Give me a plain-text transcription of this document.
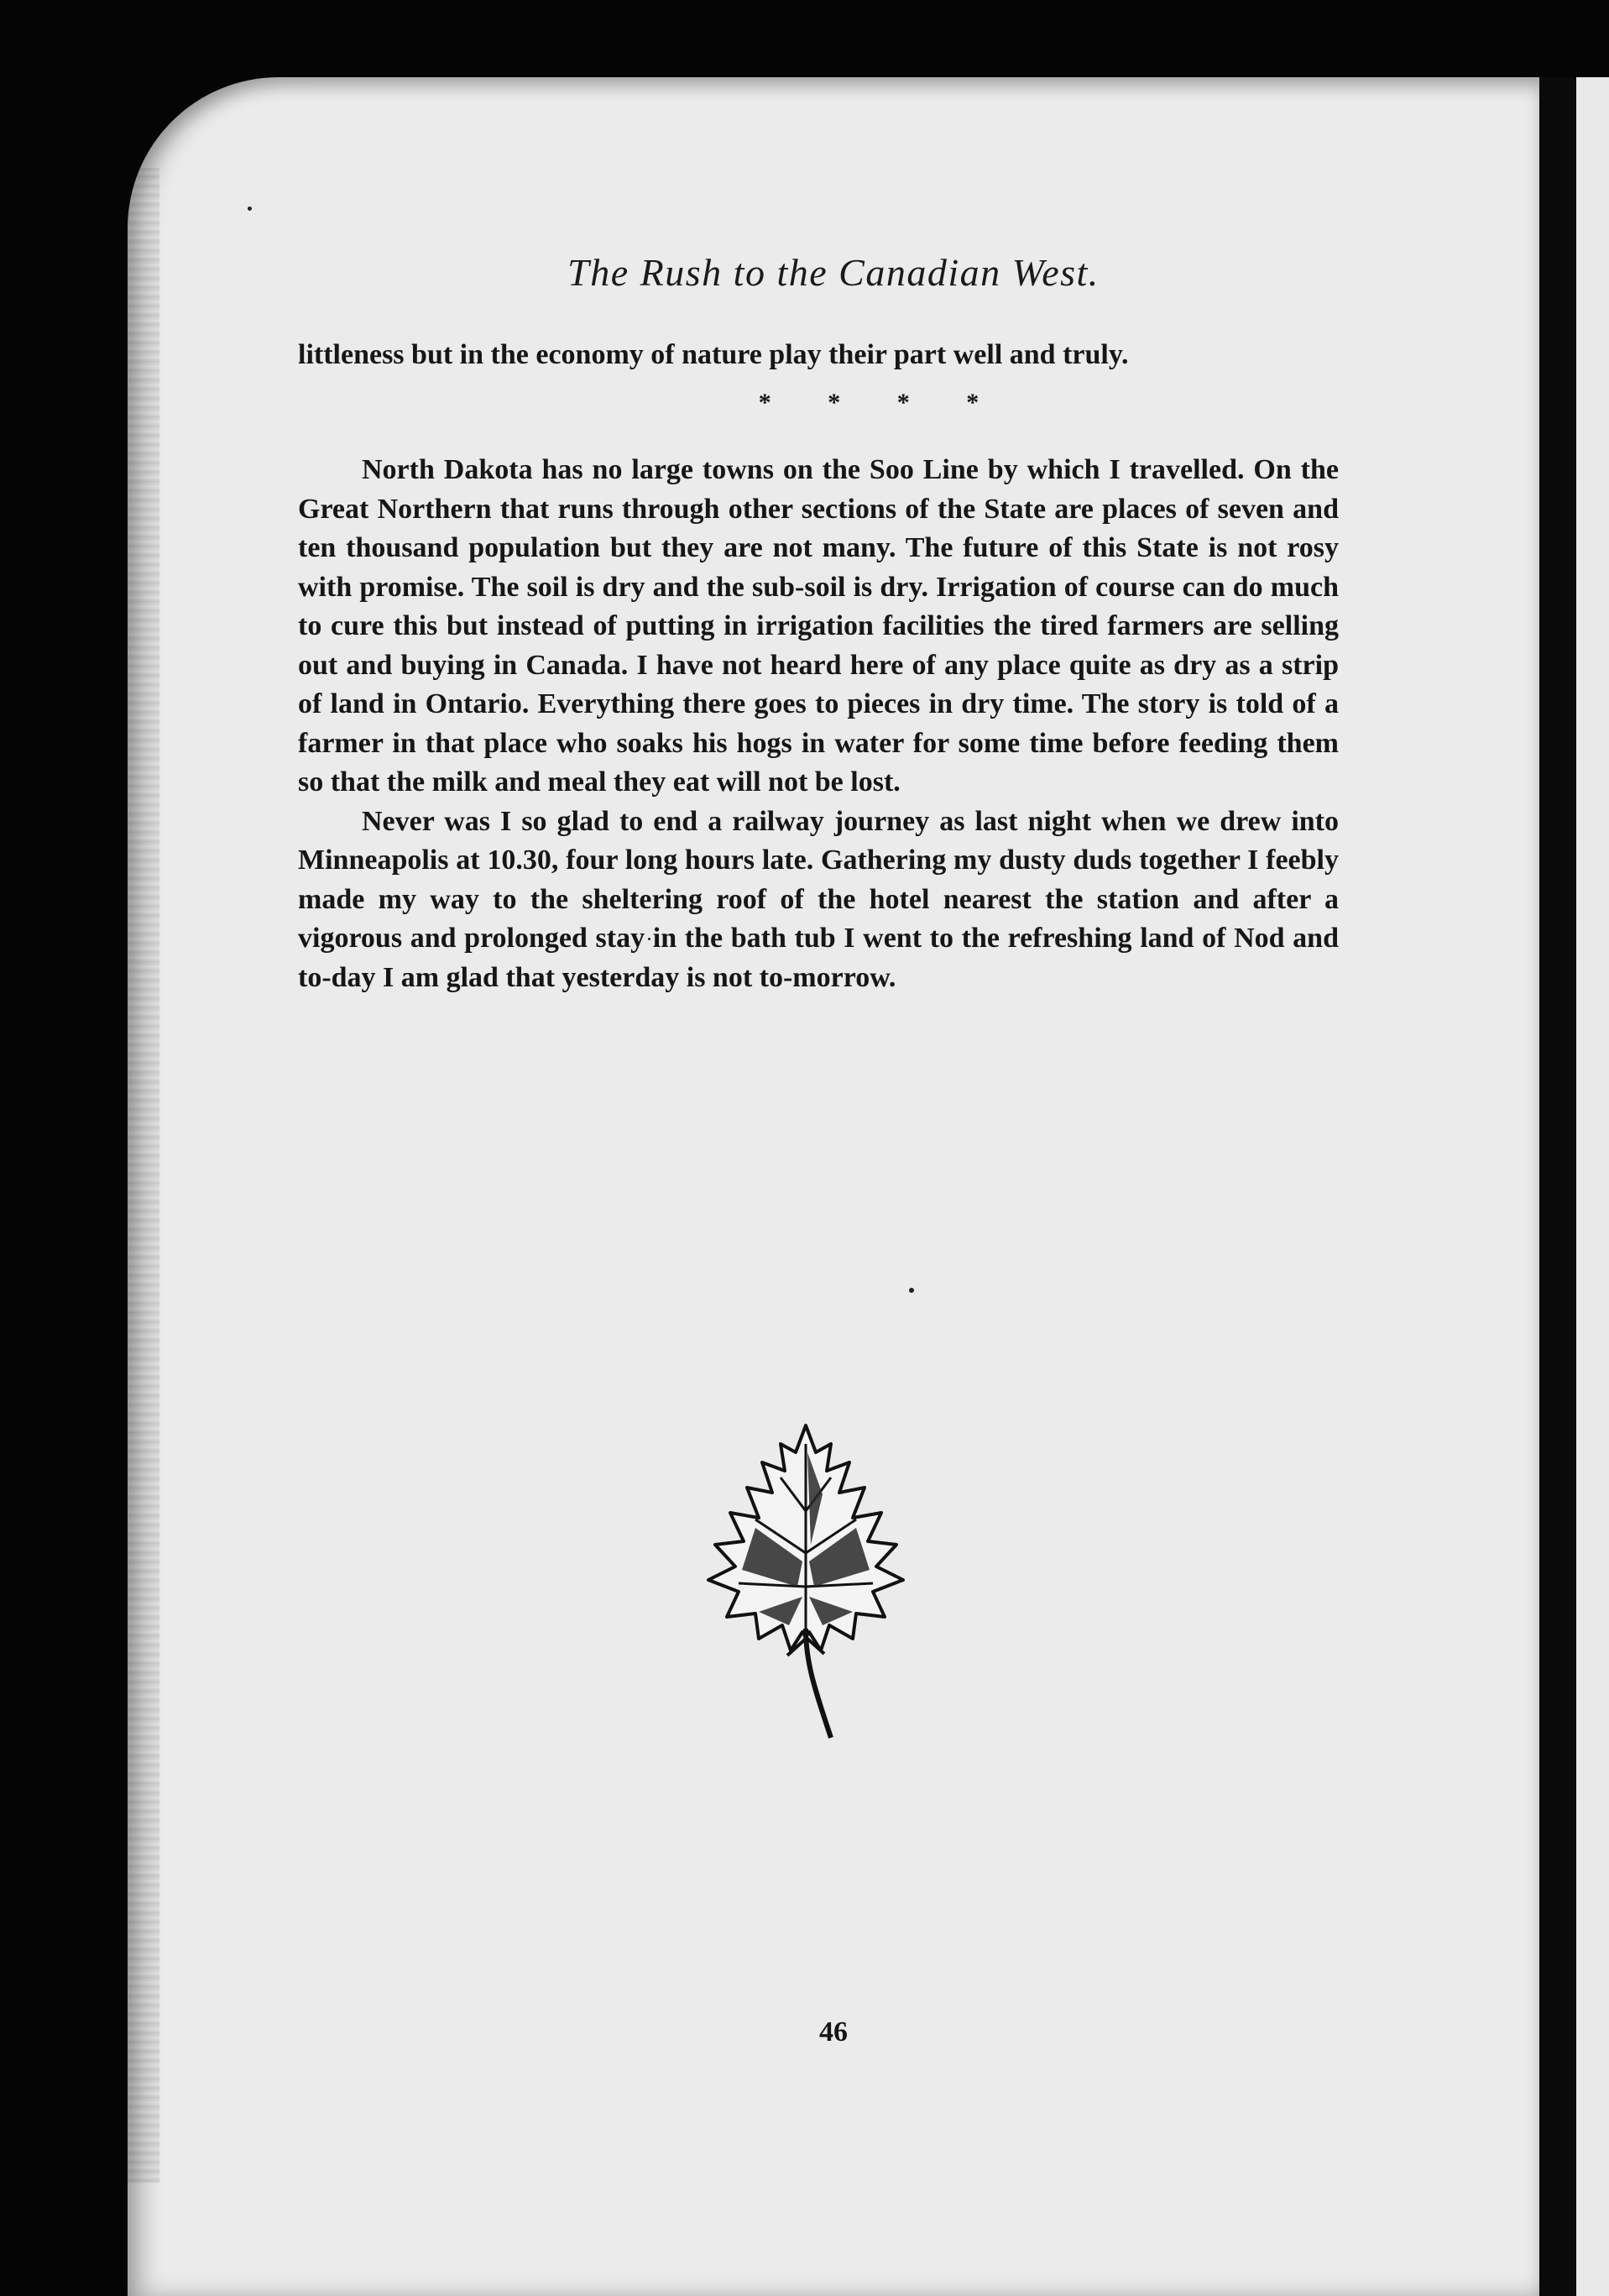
The Rush to the Canadian West.

littleness but in the economy of nature play their part well and truly.

* * * *

North Dakota has no large towns on the Soo Line by which I travelled. On the Great Northern that runs through other sections of the State are places of seven and ten thousand population but they are not many. The future of this State is not rosy with promise. The soil is dry and the sub-soil is dry. Irrigation of course can do much to cure this but instead of putting in irrigation facilities the tired farmers are selling out and buying in Canada. I have not heard here of any place quite as dry as a strip of land in Ontario. Everything there goes to pieces in dry time. The story is told of a farmer in that place who soaks his hogs in water for some time before feeding them so that the milk and meal they eat will not be lost.

Never was I so glad to end a railway journey as last night when we drew into Minneapolis at 10.30, four long hours late. Gathering my dusty duds together I feebly made my way to the sheltering roof of the hotel nearest the station and after a vigorous and prolonged stay in the bath tub I went to the refreshing land of Nod and to-day I am glad that yesterday is not to-morrow.

46
